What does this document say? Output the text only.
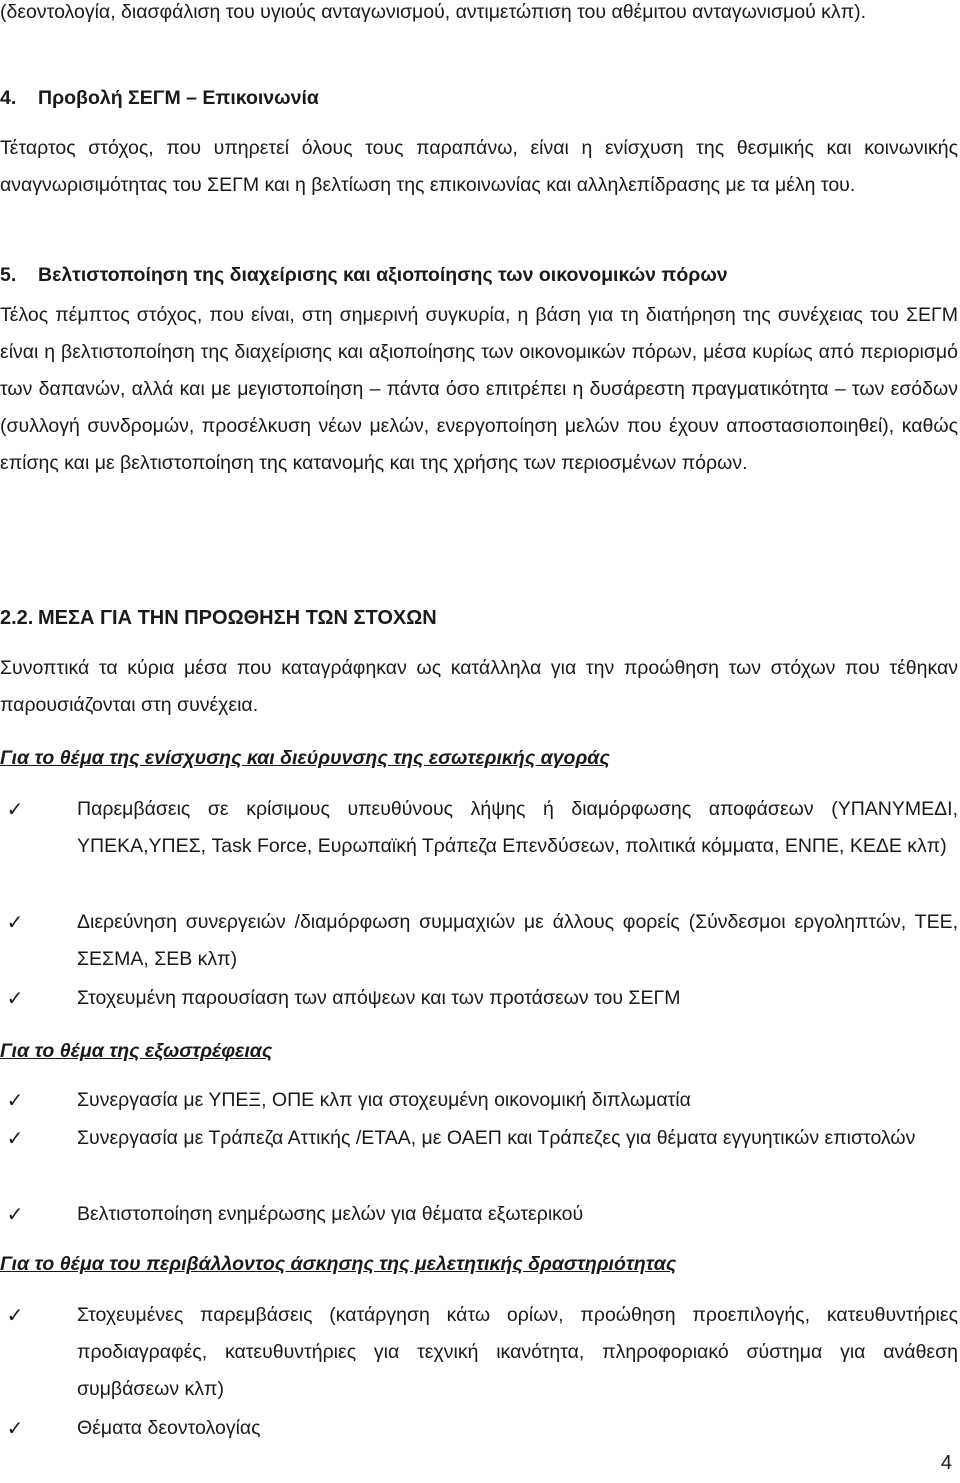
(δεοντολογία, διασφάλιση του υγιούς ανταγωνισμού, αντιμετώπιση του αθέμιτου ανταγωνισμού κλπ).

4. Προβολή ΣΕΓΜ – Επικοινωνία

Τέταρτος στόχος, που υπηρετεί όλους τους παραπάνω, είναι η ενίσχυση της θεσμικής και κοινωνικής αναγνωρισιμότητας του ΣΕΓΜ και η βελτίωση της επικοινωνίας και αλληλεπίδρασης με τα μέλη του.

5. Βελτιστοποίηση της διαχείρισης και αξιοποίησης των οικονομικών πόρων

Τέλος πέμπτος στόχος, που είναι, στη σημερινή συγκυρία, η βάση για τη διατήρηση της συνέχειας του ΣΕΓΜ είναι η βελτιστοποίηση της διαχείρισης και αξιοποίησης των οικονομικών πόρων, μέσα κυρίως από περιορισμό των δαπανών, αλλά και με μεγιστοποίηση – πάντα όσο επιτρέπει η δυσάρεστη πραγματικότητα – των εσόδων (συλλογή συνδρομών, προσέλκυση νέων μελών, ενεργοποίηση μελών που έχουν αποστασιοποιηθεί), καθώς επίσης και με βελτιστοποίηση της κατανομής και της χρήσης των περιοσμένων πόρων.

2.2. ΜΕΣΑ ΓΙΑ ΤΗΝ ΠΡΟΩΘΗΣΗ ΤΩΝ ΣΤΟΧΩΝ

Συνοπτικά τα κύρια μέσα που καταγράφηκαν ως κατάλληλα για την προώθηση των στόχων που τέθηκαν παρουσιάζονται στη συνέχεια.

Για το θέμα της ενίσχυσης και διεύρυνσης της εσωτερικής αγοράς

✓	Παρεμβάσεις σε κρίσιμους υπευθύνους λήψης ή διαμόρφωσης αποφάσεων (ΥΠΑΝΥΜΕΔΙ, ΥΠΕΚΑ,ΥΠΕΣ, Task Force, Ευρωπαϊκή Τράπεζα Επενδύσεων, πολιτικά κόμματα, ΕΝΠΕ, ΚΕΔΕ κλπ)
✓	Διερεύνηση συνεργειών /διαμόρφωση συμμαχιών με άλλους φορείς (Σύνδεσμοι εργοληπτών, ΤΕΕ, ΣΕΣΜΑ, ΣΕΒ κλπ)
✓	Στοχευμένη παρουσίαση των απόψεων και των προτάσεων του ΣΕΓΜ

Για το θέμα της εξωστρέφειας

✓	Συνεργασία με ΥΠΕΞ, ΟΠΕ κλπ για στοχευμένη οικονομική διπλωματία
✓	Συνεργασία με Τράπεζα Αττικής /ΕΤΑΑ, με ΟΑΕΠ και Τράπεζες για θέματα εγγυητικών επιστολών
✓	Βελτιστοποίηση ενημέρωσης μελών για θέματα εξωτερικού

Για το θέμα του περιβάλλοντος άσκησης της μελετητικής δραστηριότητας

✓	Στοχευμένες παρεμβάσεις (κατάργηση κάτω ορίων, προώθηση προεπιλογής, κατευθυντήριες προδιαγραφές, κατευθυντήριες για τεχνική ικανότητα, πληροφοριακό σύστημα για ανάθεση συμβάσεων κλπ)
✓	Θέματα δεοντολογίας
4
